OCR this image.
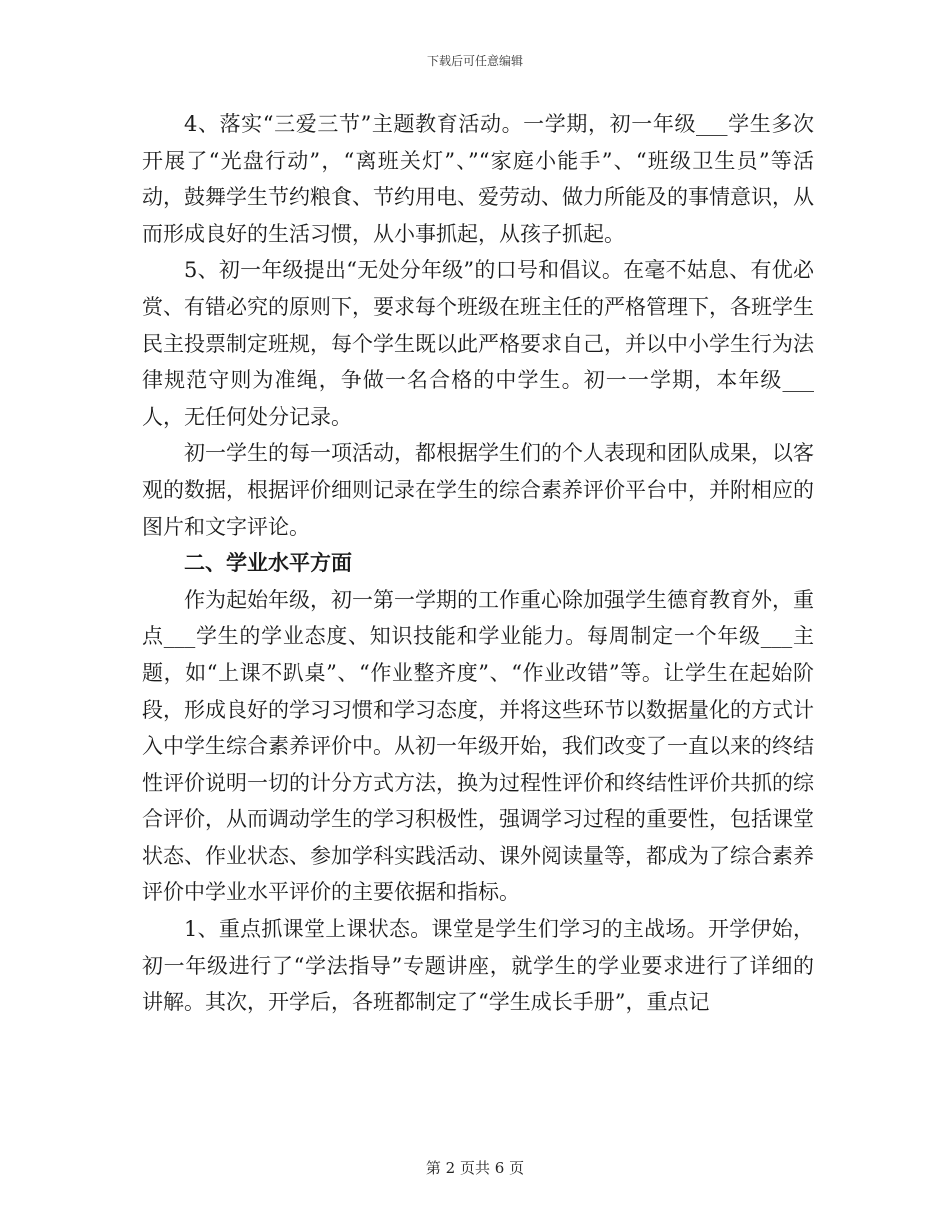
下载后可任意编辑

4、落实“三爱三节”主题教育活动。一学期，初一年级___学生多次开展了“光盘行动”，“离班关灯”、”“家庭小能手”、“班级卫生员”等活动，鼓舞学生节约粮食、节约用电、爱劳动、做力所能及的事情意识，从而形成良好的生活习惯，从小事抓起，从孩子抓起。

5、初一年级提出“无处分年级”的口号和倡议。在毫不姑息、有优必赏、有错必究的原则下，要求每个班级在班主任的严格管理下，各班学生民主投票制定班规，每个学生既以此严格要求自己，并以中小学生行为法律规范守则为准绳，争做一名合格的中学生。初一一学期，本年级___人，无任何处分记录。

初一学生的每一项活动，都根据学生们的个人表现和团队成果，以客观的数据，根据评价细则记录在学生的综合素养评价平台中，并附相应的图片和文字评论。

二、学业水平方面

作为起始年级，初一第一学期的工作重心除加强学生德育教育外，重点___学生的学业态度、知识技能和学业能力。每周制定一个年级___主题，如“上课不趴桌”、“作业整齐度”、“作业改错”等。让学生在起始阶段，形成良好的学习习惯和学习态度，并将这些环节以数据量化的方式计入中学生综合素养评价中。从初一年级开始，我们改变了一直以来的终结性评价说明一切的计分方式方法，换为过程性评价和终结性评价共抓的综合评价，从而调动学生的学习积极性，强调学习过程的重要性，包括课堂状态、作业状态、参加学科实践活动、课外阅读量等，都成为了综合素养评价中学业水平评价的主要依据和指标。

1、重点抓课堂上课状态。课堂是学生们学习的主战场。开学伊始，初一年级进行了“学法指导”专题讲座，就学生的学业要求进行了详细的讲解。其次，开学后，各班都制定了“学生成长手册”，重点记

第 2 页共 6 页
